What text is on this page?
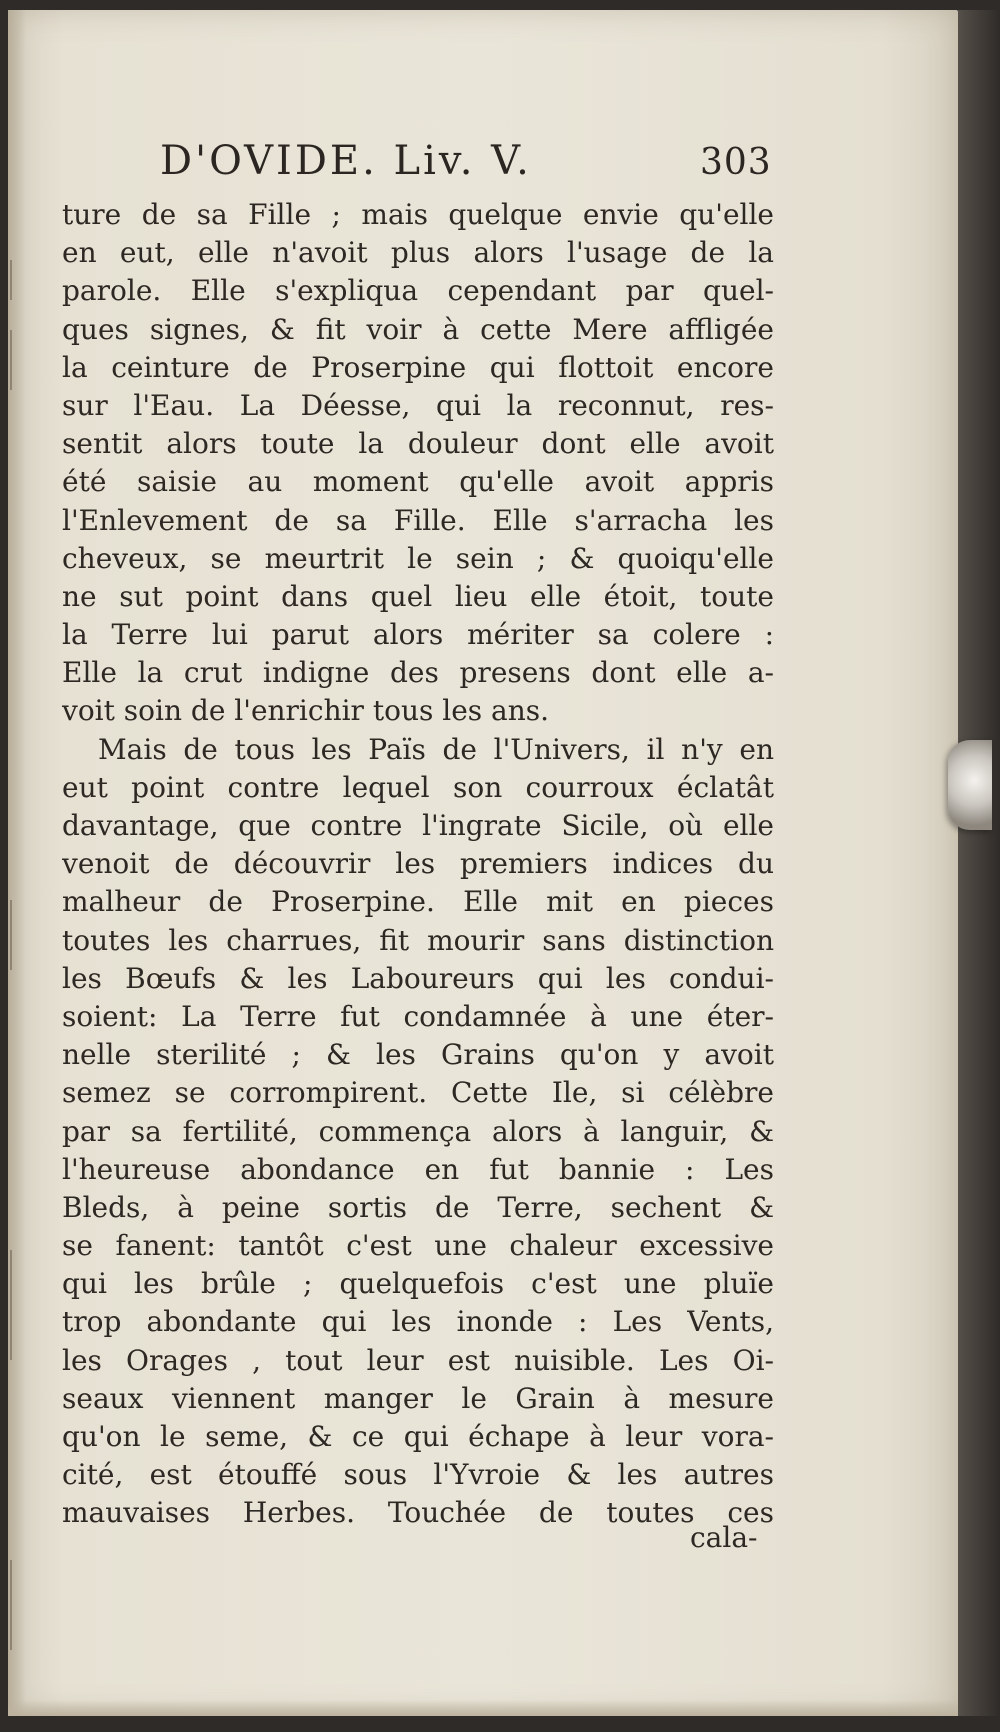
D'OVIDE. Liv. V.	303
ture de sa Fille ; mais quelque envie qu'elle
en eut, elle n'avoit plus alors l'usage de la
parole. Elle s'expliqua cependant par quel-
ques signes, & fit voir à cette Mere affligée
la ceinture de Proserpine qui flottoit encore
sur l'Eau. La Déesse, qui la reconnut, res-
sentit alors toute la douleur dont elle avoit
été saisie au moment qu'elle avoit appris
l'Enlevement de sa Fille. Elle s'arracha les
cheveux, se meurtrit le sein ; & quoiqu'elle
ne sut point dans quel lieu elle étoit, toute
la Terre lui parut alors mériter sa colere :
Elle la crut indigne des presens dont elle a-
voit soin de l'enrichir tous les ans.
Mais de tous les Païs de l'Univers, il n'y en
eut point contre lequel son courroux éclatât
davantage, que contre l'ingrate Sicile, où elle
venoit de découvrir les premiers indices du
malheur de Proserpine. Elle mit en pieces
toutes les charrues, fit mourir sans distinction
les Bœufs & les Laboureurs qui les condui-
soient: La Terre fut condamnée à une éter-
nelle sterilité ; & les Grains qu'on y avoit
semez se corrompirent. Cette Ile, si célèbre
par sa fertilité, commença alors à languir, &
l'heureuse abondance en fut bannie : Les
Bleds, à peine sortis de Terre, sechent &
se fanent: tantôt c'est une chaleur excessive
qui les brûle ; quelquefois c'est une pluïe
trop abondante qui les inonde : Les Vents,
les Orages , tout leur est nuisible. Les Oi-
seaux viennent manger le Grain à mesure
qu'on le seme, & ce qui échape à leur vora-
cité, est étouffé sous l'Yvroie & les autres
mauvaises Herbes. Touchée de toutes ces
cala-
